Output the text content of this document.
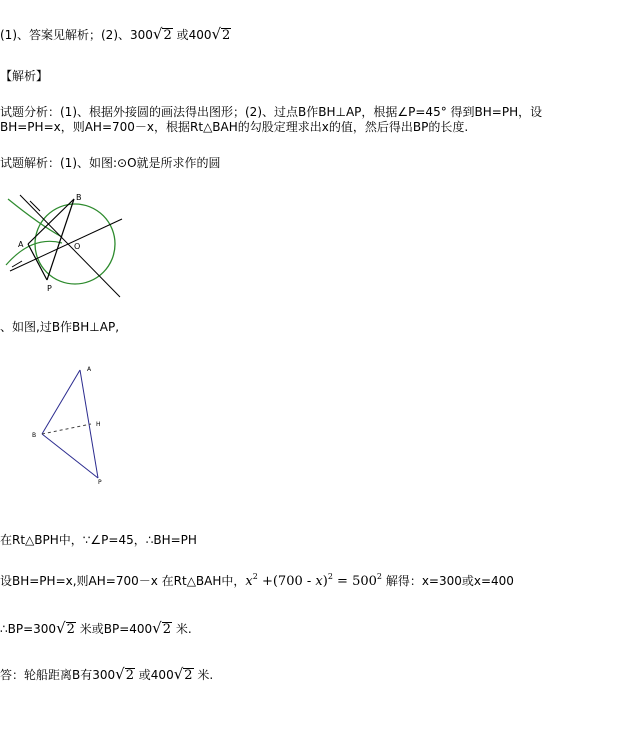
(1)、答案见解析；(2)、300√2 或400√2
【解析】
试题分析：(1)、根据外接圆的画法得出图形；(2)、过点B作BH⊥AP，根据∠P=45° 得到BH=PH，设
BH=PH=x，则AH=700－x，根据Rt△BAH的勾股定理求出x的值，然后得出BP的长度.
试题解析：(1)、如图:⊙O就是所求作的圆
B
A	O
P
、如图,过B作BH⊥AP,
A
B
H
P
在Rt△BPH中，∵∠P=45，∴BH=PH
设BH=PH=x,则AH=700－x 在Rt△BAH中，$x^2 +(700 - x)^2 = 500^2$ 解得：x=300或x=400
∴BP=300√2 米或BP=400√2 米.
答：轮船距离B有300√2 或400√2 米.
